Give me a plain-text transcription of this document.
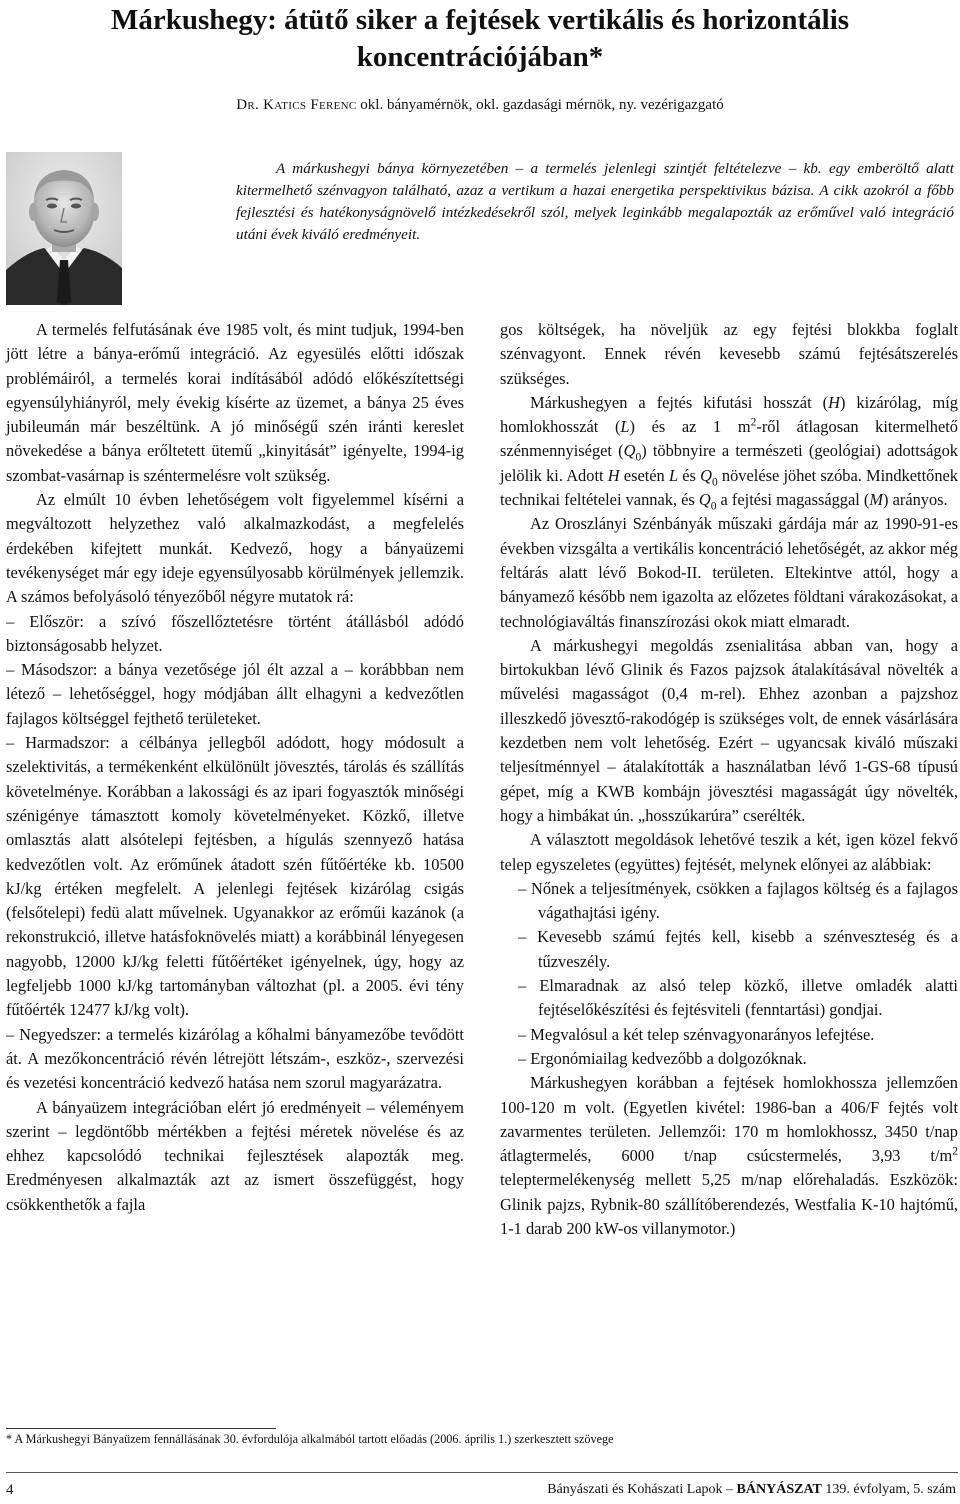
Márkushegy: átütő siker a fejtések vertikális és horizontális koncentrációjában*
Dr. Katics Ferenc okl. bányamérnök, okl. gazdasági mérnök, ny. vezérigazgató

A márkushegyi bánya környezetében – a termelés jelenlegi szintjét feltételezve – kb. egy emberöltő alatt kitermelhető szénvagyon található, azaz a vertikum a hazai energetika perspektivikus bázisa. A cikk azokról a főbb fejlesztési és hatékonyságnövelő intézkedésekről szól, melyek leginkább megalapozták az erőművel való integráció utáni évek kiváló eredményeit.

A termelés felfutásának éve 1985 volt, és mint tudjuk, 1994-ben jött létre a bánya-erőmű integráció. Az egyesülés előtti időszak problémáiról, a termelés korai indításából adódó előkészítettségi egyensúlyhiányról, mely évekig kísérte az üzemet, a bánya 25 éves jubileumán már beszéltünk. A jó minőségű szén iránti kereslet növekedése a bánya erőltetett ütemű „kinyitását” igényelte, 1994-ig szombat-vasárnap is széntermelésre volt szükség.

Az elmúlt 10 évben lehetőségem volt figyelemmel kísérni a megváltozott helyzethez való alkalmazkodást, a megfelelés érdekében kifejtett munkát. Kedvező, hogy a bányaüzemi tevékenységet már egy ideje egyensúlyosabb körülmények jellemzik. A számos befolyásoló tényezőből négyre mutatok rá:

– Először: a szívó főszellőztetésre történt átállásból adódó biztonságosabb helyzet.
– Másodszor: a bánya vezetősége jól élt azzal a – korábbban nem létező – lehetőséggel, hogy módjában állt elhagyni a kedvezőtlen fajlagos költséggel fejthető területeket.
– Harmadszor: a célbánya jellegből adódott, hogy módosult a szelektivitás, a termékenként elkülönült jövesztés, tárolás és szállítás követelménye. Korábban a lakossági és az ipari fogyasztók minőségi szénigénye támasztott komoly követelményeket. Közkő, illetve omlasztás alatt alsótelepi fejtésben, a hígulás szennyező hatása kedvezőtlen volt. Az erőműnek átadott szén fűtőértéke kb. 10500 kJ/kg értéken megfelelt. A jelenlegi fejtések kizárólag csigás (felsőtelepi) fedü alatt művelnek. Ugyanakkor az erőműi kazánok (a rekonstrukció, illetve hatásfoknövelés miatt) a korábbinál lényegesen nagyobb, 12000 kJ/kg feletti fűtőértéket igényelnek, úgy, hogy az legfeljebb 1000 kJ/kg tartományban változhat (pl. a 2005. évi tény fűtőérték 12477 kJ/kg volt).
– Negyedszer: a termelés kizárólag a kőhalmi bányamezőbe tevődött át. A mezőkoncentráció révén létrejött létszám-, eszköz-, szervezési és vezetési koncentráció kedvező hatása nem szorul magyarázatra.

A bányaüzem integrációban elért jó eredményeit – véleményem szerint – legdöntőbb mértékben a fejtési méretek növelése és az ehhez kapcsolódó technikai fejlesztések alapozták meg. Eredményesen alkalmazták azt az ismert összefüggést, hogy csökkenthetők a fajla

gos költségek, ha növeljük az egy fejtési blokkba foglalt szénvagyont. Ennek révén kevesebb számú fejtésátszerelés szükséges.

Márkushegyen a fejtés kifutási hosszát (H) kizárólag, míg homlokhosszát (L) és az 1 $m^2$-ről átlagosan kitermelhető szénmennyiséget $(Q_0)$ többnyire a természeti (geológiai) adottságok jelölik ki. Adott H esetén L és $Q_0$ növelése jöhet szóba. Mindkettőnek technikai feltételei vannak, és $Q_0$ a fejtési magassággal (M) arányos.

Az Oroszlányi Szénbányák műszaki gárdája már az 1990-91-es években vizsgálta a vertikális koncentráció lehetőségét, az akkor még feltárás alatt lévő Bokod-II. területen. Eltekintve attól, hogy a bányamező később nem igazolta az előzetes földtani várakozásokat, a technológiaváltás finanszírozási okok miatt elmaradt.

A márkushegyi megoldás zsenialitása abban van, hogy a birtokukban lévő Glinik és Fazos pajzsok átalakításával növelték a művelési magasságot (0,4 m-rel). Ehhez azonban a pajzshoz illeszkedő jövesztő-rakodógép is szükséges volt, de ennek vásárlására kezdetben nem volt lehetőség. Ezért – ugyancsak kiváló műszaki teljesítménnyel – átalakították a használatban lévő 1-GS-68 típusú gépet, míg a KWB kombájn jövesztési magasságát úgy növelték, hogy a himbákat ún. „hosszúkarúra” cserélték.

A választott megoldások lehetővé teszik a két, igen közel fekvő telep egyszeletes (együttes) fejtését, melynek előnyei az alábbiak:

– Nőnek a teljesítmények, csökken a fajlagos költség és a fajlagos vágathajtási igény.
– Kevesebb számú fejtés kell, kisebb a szénveszteség és a tűzveszély.
– Elmaradnak az alsó telep közkő, illetve omladék alatti fejtéselőkészítési és fejtésviteli (fenntartási) gondjai.
– Megvalósul a két telep szénvagyonarányos lefejtése.
– Ergonómiailag kedvezőbb a dolgozóknak.

Márkushegyen korábban a fejtések homlokhossza jellemzően 100-120 m volt. (Egyetlen kivétel: 1986-ban a 406/F fejtés volt zavarmentes területen. Jellemzői: 170 m homlokhossz, 3450 t/nap átlagtermelés, 6000 t/nap csúcstermelés, 3,93 $t/m^2$ teleptermelékenység mellett 5,25 m/nap előrehaladás. Eszközök: Glinik pajzs, Rybnik-80 szállítóberendezés, Westfalia K-10 hajtómű, 1-1 darab 200 kW-os villanymotor.)

* A Márkushegyi Bányaüzem fennállásának 30. évfordulója alkalmából tartott előadás (2006. április 1.) szerkesztett szövege
4	Bányászati és Kohászati Lapok – BÁNYÁSZAT 139. évfolyam, 5. szám
